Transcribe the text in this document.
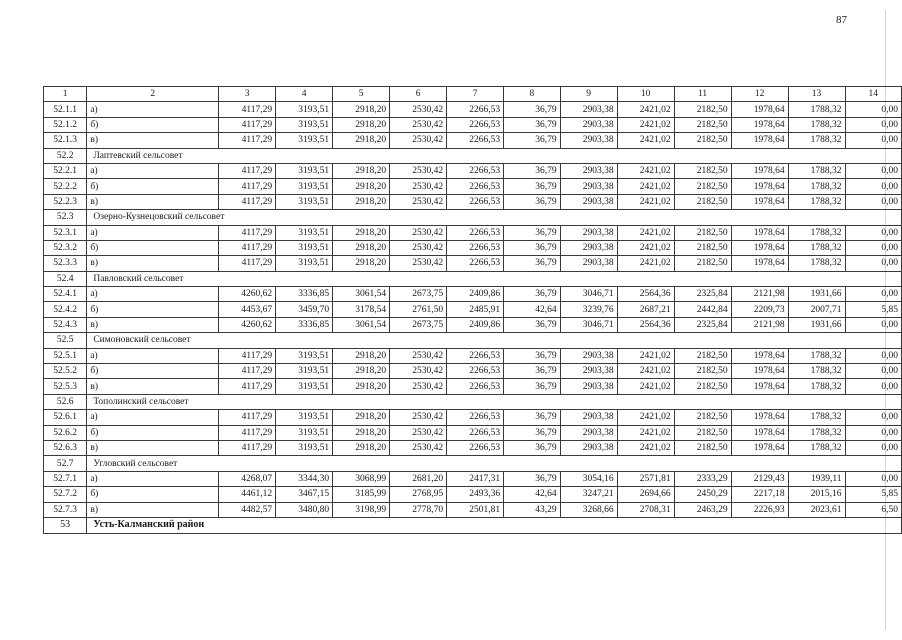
87
1	2	3	4	5	6	7	8	9	10	11	12	13	14
52.1.1	а)	4117,29	3193,51	2918,20	2530,42	2266,53	36,79	2903,38	2421,02	2182,50	1978,64	1788,32	0,00
52.1.2	б)	4117,29	3193,51	2918,20	2530,42	2266,53	36,79	2903,38	2421,02	2182,50	1978,64	1788,32	0,00
52.1.3	в)	4117,29	3193,51	2918,20	2530,42	2266,53	36,79	2903,38	2421,02	2182,50	1978,64	1788,32	0,00
52.2	Лаптевский сельсовет												
52.2.1	а)	4117,29	3193,51	2918,20	2530,42	2266,53	36,79	2903,38	2421,02	2182,50	1978,64	1788,32	0,00
52.2.2	б)	4117,29	3193,51	2918,20	2530,42	2266,53	36,79	2903,38	2421,02	2182,50	1978,64	1788,32	0,00
52.2.3	в)	4117,29	3193,51	2918,20	2530,42	2266,53	36,79	2903,38	2421,02	2182,50	1978,64	1788,32	0,00
52.3	Озерно-Кузнецовский сельсовет												
52.3.1	а)	4117,29	3193,51	2918,20	2530,42	2266,53	36,79	2903,38	2421,02	2182,50	1978,64	1788,32	0,00
52.3.2	б)	4117,29	3193,51	2918,20	2530,42	2266,53	36,79	2903,38	2421,02	2182,50	1978,64	1788,32	0,00
52.3.3	в)	4117,29	3193,51	2918,20	2530,42	2266,53	36,79	2903,38	2421,02	2182,50	1978,64	1788,32	0,00
52.4	Павловский сельсовет												
52.4.1	а)	4260,62	3336,85	3061,54	2673,75	2409,86	36,79	3046,71	2564,36	2325,84	2121,98	1931,66	0,00
52.4.2	б)	4453,67	3459,70	3178,54	2761,50	2485,91	42,64	3239,76	2687,21	2442,84	2209,73	2007,71	5,85
52.4.3	в)	4260,62	3336,85	3061,54	2673,75	2409,86	36,79	3046,71	2564,36	2325,84	2121,98	1931,66	0,00
52.5	Симоновский сельсовет												
52.5.1	а)	4117,29	3193,51	2918,20	2530,42	2266,53	36,79	2903,38	2421,02	2182,50	1978,64	1788,32	0,00
52.5.2	б)	4117,29	3193,51	2918,20	2530,42	2266,53	36,79	2903,38	2421,02	2182,50	1978,64	1788,32	0,00
52.5.3	в)	4117,29	3193,51	2918,20	2530,42	2266,53	36,79	2903,38	2421,02	2182,50	1978,64	1788,32	0,00
52.6	Тополинский сельсовет												
52.6.1	а)	4117,29	3193,51	2918,20	2530,42	2266,53	36,79	2903,38	2421,02	2182,50	1978,64	1788,32	0,00
52.6.2	б)	4117,29	3193,51	2918,20	2530,42	2266,53	36,79	2903,38	2421,02	2182,50	1978,64	1788,32	0,00
52.6.3	в)	4117,29	3193,51	2918,20	2530,42	2266,53	36,79	2903,38	2421,02	2182,50	1978,64	1788,32	0,00
52.7	Угловский сельсовет												
52.7.1	а)	4268,07	3344,30	3068,99	2681,20	2417,31	36,79	3054,16	2571,81	2333,29	2129,43	1939,11	0,00
52.7.2	б)	4461,12	3467,15	3185,99	2768,95	2493,36	42,64	3247,21	2694,66	2450,29	2217,18	2015,16	5,85
52.7.3	в)	4482,57	3480,80	3198,99	2778,70	2501,81	43,29	3268,66	2708,31	2463,29	2226,93	2023,61	6,50
53	Усть-Калманский район												
